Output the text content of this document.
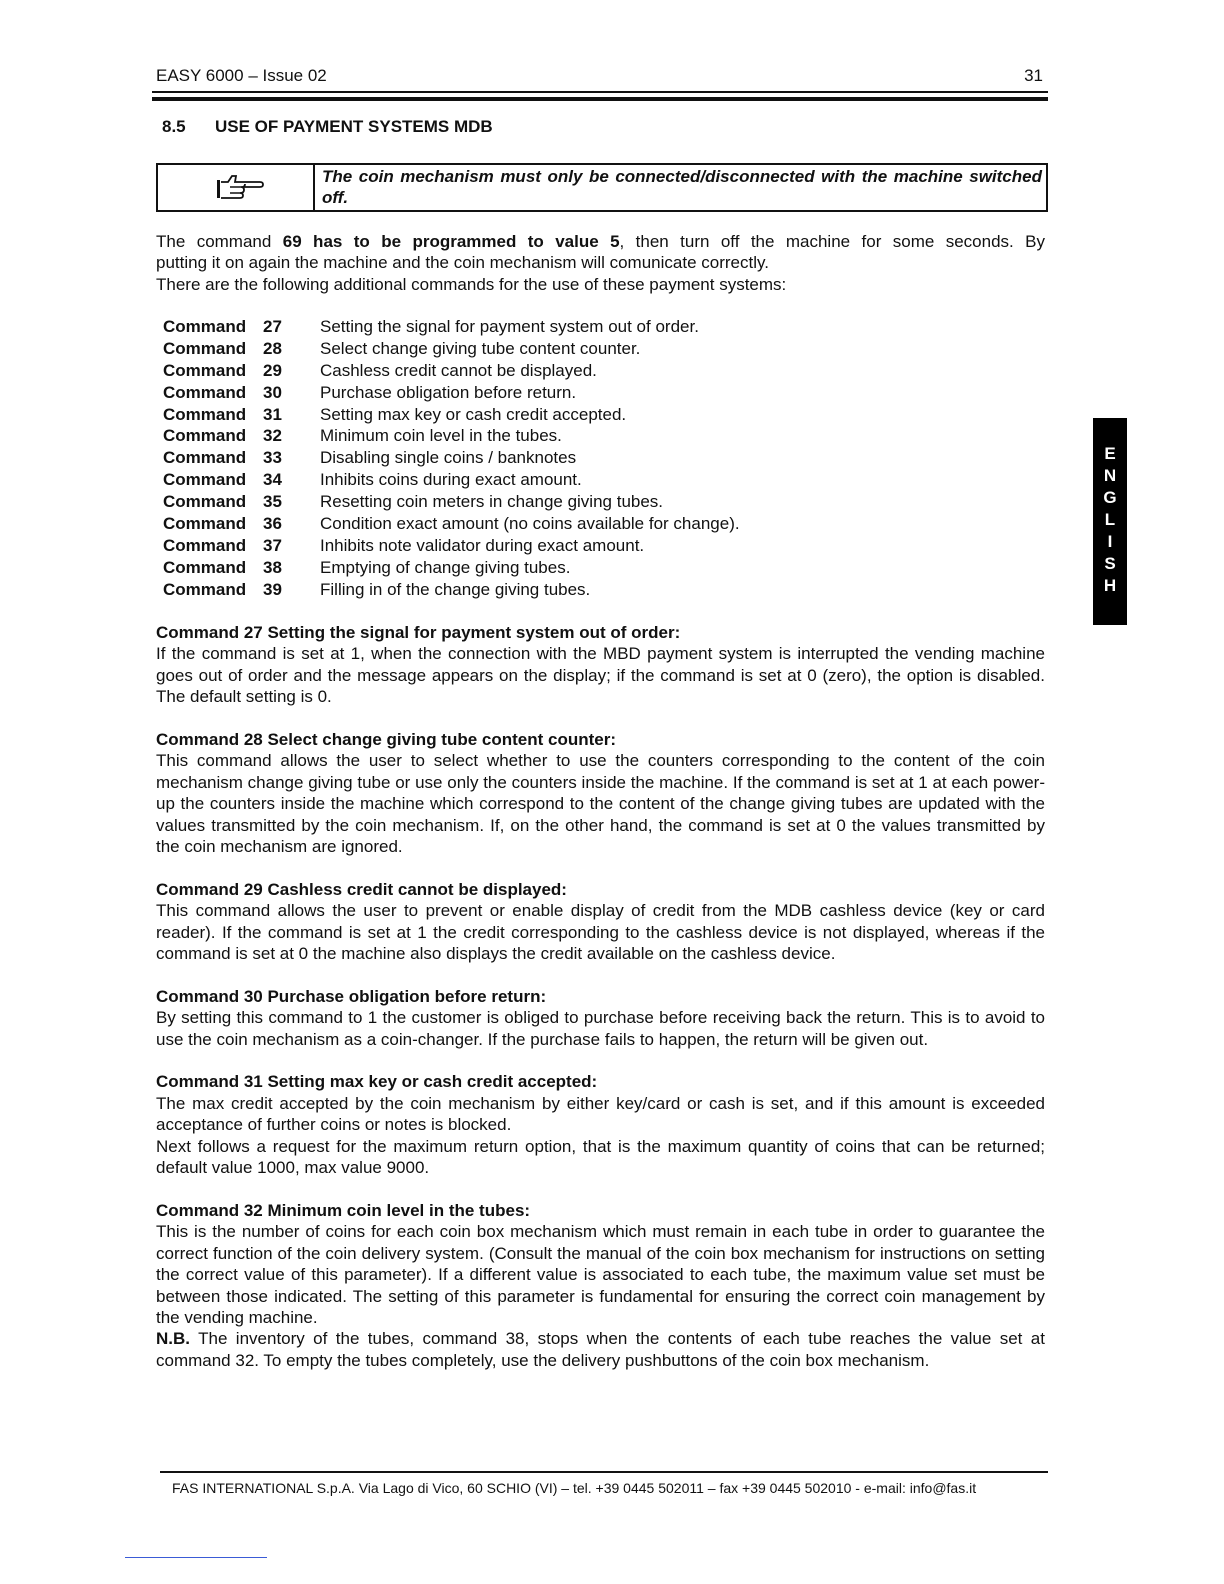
EASY 6000 – Issue 02	31
8.5 USE OF PAYMENT SYSTEMS MDB
The coin mechanism must only be connected/disconnected with the machine switched off.

The command 69 has to be programmed to value 5, then turn off the machine for some seconds. By

putting it on again the machine and the coin mechanism will comunicate correctly.

There are the following additional commands for the use of these payment systems:

Command 27 Setting the signal for payment system out of order.
Command 28 Select change giving tube content counter.
Command 29 Cashless credit cannot be displayed.
Command 30 Purchase obligation before return.
Command 31 Setting max key or cash credit accepted.
Command 32 Minimum coin level in the tubes.
Command 33 Disabling single coins / banknotes
Command 34 Inhibits coins during exact amount.
Command 35 Resetting coin meters in change giving tubes.
Command 36 Condition exact amount (no coins available for change).
Command 37 Inhibits note validator during exact amount.
Command 38 Emptying of change giving tubes.
Command 39 Filling in of the change giving tubes.
Command 27 Setting the signal for payment system out of order:

If the command is set at 1, when the connection with the MBD payment system is interrupted the vending machine goes out of order and the message appears on the display; if the command is set at 0 (zero), the option is disabled. The default setting is 0.

Command 28 Select change giving tube content counter:

This command allows the user to select whether to use the counters corresponding to the content of the coin mechanism change giving tube or use only the counters inside the machine. If the command is set at 1 at each power-up the counters inside the machine which correspond to the content of the change giving tubes are updated with the values transmitted by the coin mechanism. If, on the other hand, the command is set at 0 the values transmitted by the coin mechanism are ignored.

Command 29 Cashless credit cannot be displayed:

This command allows the user to prevent or enable display of credit from the MDB cashless device (key or card reader). If the command is set at 1 the credit corresponding to the cashless device is not displayed, whereas if the command is set at 0 the machine also displays the credit available on the cashless device.

Command 30 Purchase obligation before return:

By setting this command to 1 the customer is obliged to purchase before receiving back the return. This is to avoid to use the coin mechanism as a coin-changer. If the purchase fails to happen, the return will be given out.

Command 31 Setting max key or cash credit accepted:

The max credit accepted by the coin mechanism by either key/card or cash is set, and if this amount is exceeded acceptance of further coins or notes is blocked.

Next follows a request for the maximum return option, that is the maximum quantity of coins that can be returned; default value 1000, max value 9000.

Command 32 Minimum coin level in the tubes:

This is the number of coins for each coin box mechanism which must remain in each tube in order to guarantee the correct function of the coin delivery system. (Consult the manual of the coin box mechanism for instructions on setting the correct value of this parameter). If a different value is associated to each tube, the maximum value set must be between those indicated. The setting of this parameter is fundamental for ensuring the correct coin management by the vending machine.

N.B. The inventory of the tubes, command 38, stops when the contents of each tube reaches the value set at command 32. To empty the tubes completely, use the delivery pushbuttons of the coin box mechanism.

E
N
G
L
I
S
H
FAS INTERNATIONAL S.p.A. Via Lago di Vico, 60 SCHIO (VI) – tel. +39 0445 502011 – fax +39 0445 502010 - e-mail: info@fas.it
